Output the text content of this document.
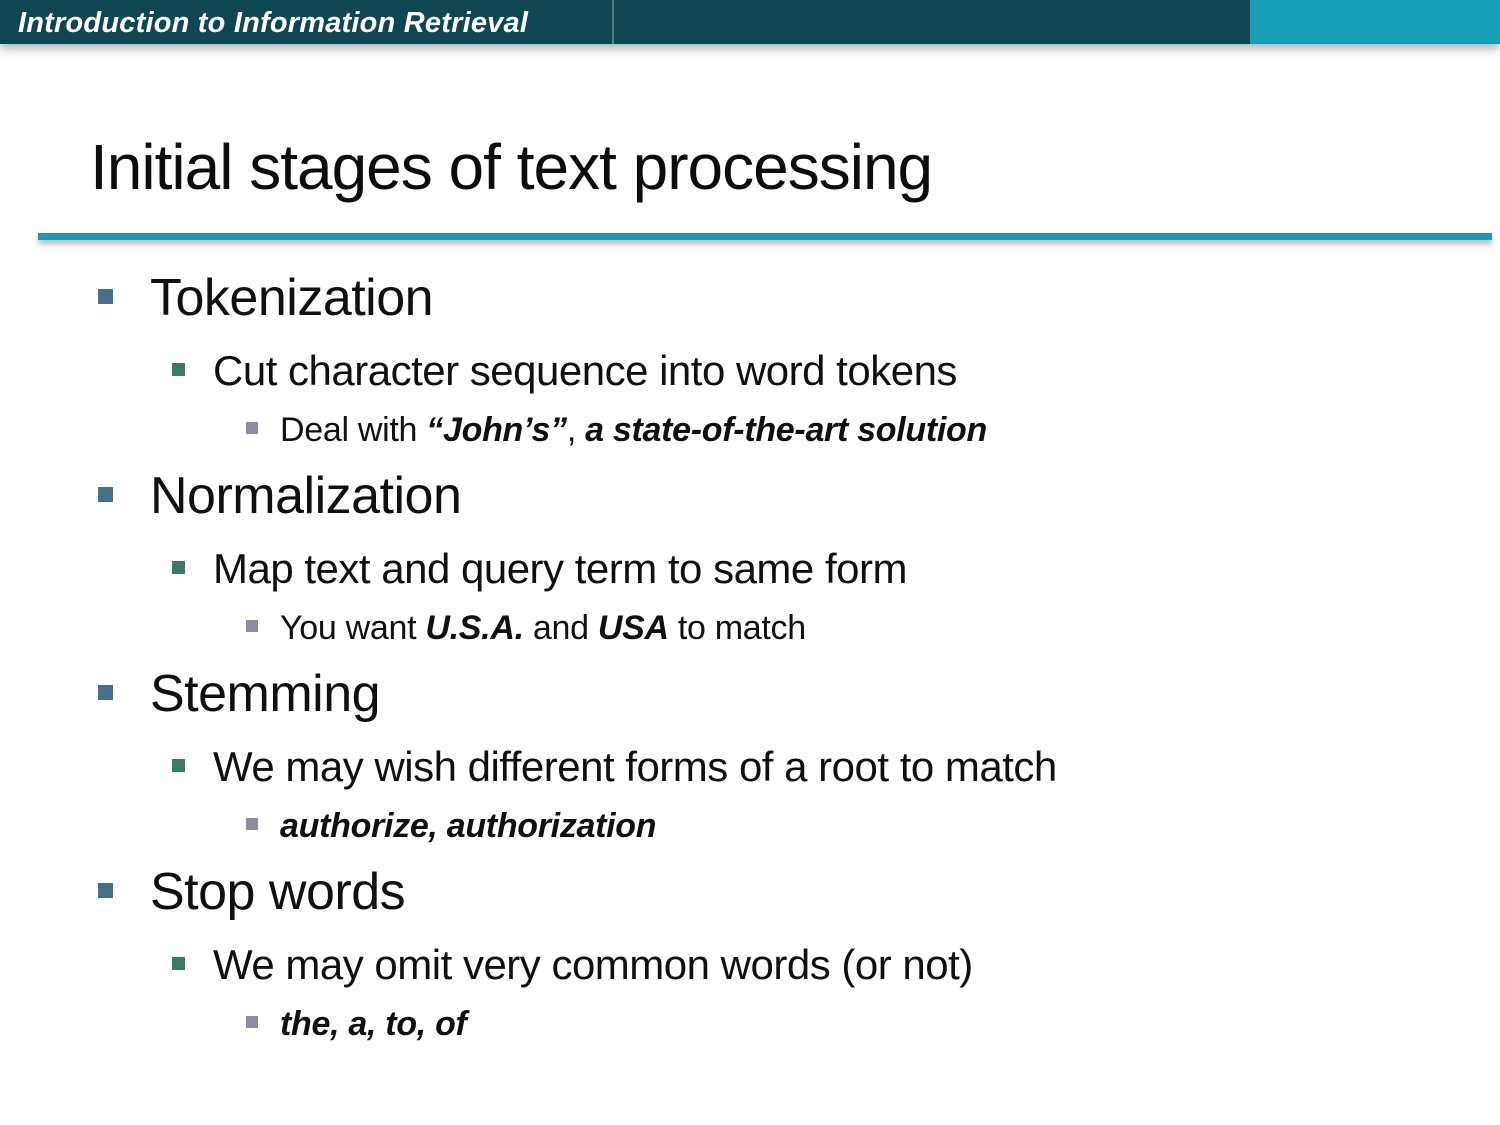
Introduction to Information Retrieval
Initial stages of text processing
Tokenization
Cut character sequence into word tokens
Deal with “John’s”, a state-of-the-art solution
Normalization
Map text and query term to same form
You want U.S.A. and USA to match
Stemming
We may wish different forms of a root to match
authorize, authorization
Stop words
We may omit very common words (or not)
the, a, to, of
